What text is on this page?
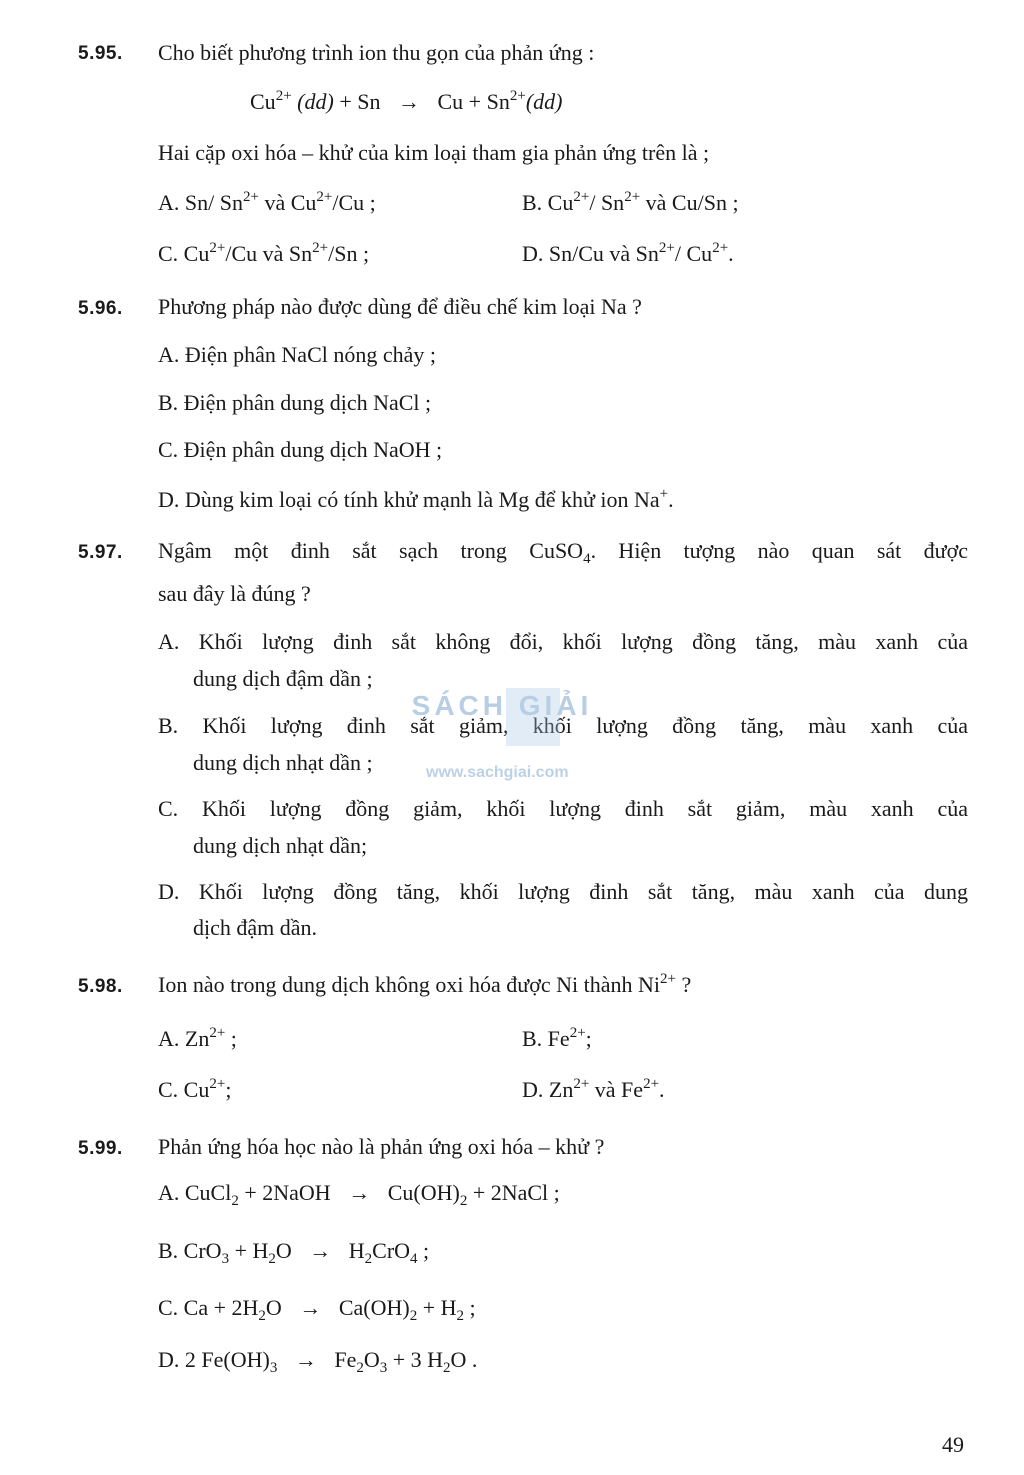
5.95. Cho biết phương trình ion thu gọn của phản ứng :
$Cu^{2+}$ $(dd) + Sn \to Cu + Sn^{2+}(dd)$
Hai cặp oxi hóa – khử của kim loại tham gia phản ứng trên là ;
A. Sn/ $Sn^{2+}$ và $Cu^{2+}/Cu$ ;	B. $Cu^{2+}/$ $Sn^{2+}$ và Cu/Sn ;
C. $Cu^{2+}/Cu$ và $Sn^{2+}/Sn$ ;	D. Sn/Cu và $Sn^{2+}/$ $Cu^{2+}$.
5.96. Phương pháp nào được dùng để điều chế kim loại Na ?
A. Điện phân NaCl nóng chảy ;
B. Điện phân dung dịch NaCl ;
C. Điện phân dung dịch NaOH ;
D. Dùng kim loại có tính khử mạnh là Mg để khử ion Na+.
5.97. Ngâm một đinh sắt sạch trong CuSO$_4$. Hiện tượng nào quan sát được
sau đây là đúng ?
A. Khối lượng đinh sắt không đổi, khối lượng đồng tăng, màu xanh của
dung dịch đậm dần ;
B. Khối lượng đinh sắt giảm, khối lượng đồng tăng, màu xanh của
dung dịch nhạt dần ;
C. Khối lượng đồng giảm, khối lượng đinh sắt giảm, màu xanh của
dung dịch nhạt dần;
D. Khối lượng đồng tăng, khối lượng đinh sắt tăng, màu xanh của dung
dịch đậm dần.
5.98. Ion nào trong dung dịch không oxi hóa được Ni thành $Ni^{2+}$ ?
A. $Zn^{2+}$ ;	B. $Fe^{2+}$;
C. $Cu^{2+}$;	D. $Zn^{2+}$ và $Fe^{2+}$.
5.99. Phản ứng hóa học nào là phản ứng oxi hóa – khử ?
A. CuCl$_2$ + 2NaOH → $Cu(OH)_2$ + 2NaCl ;
B. $CrO_3 + H_2O \to H_2CrO_4$ ;
C. $Ca + 2H_2O \to Ca(OH)_2 + H_2$ ;
D. 2 $Fe(OH)_3 \to Fe_2O_3 + 3$ $H_2O$ .
SÁCH GIẢI
www.sachgiai.com
49
